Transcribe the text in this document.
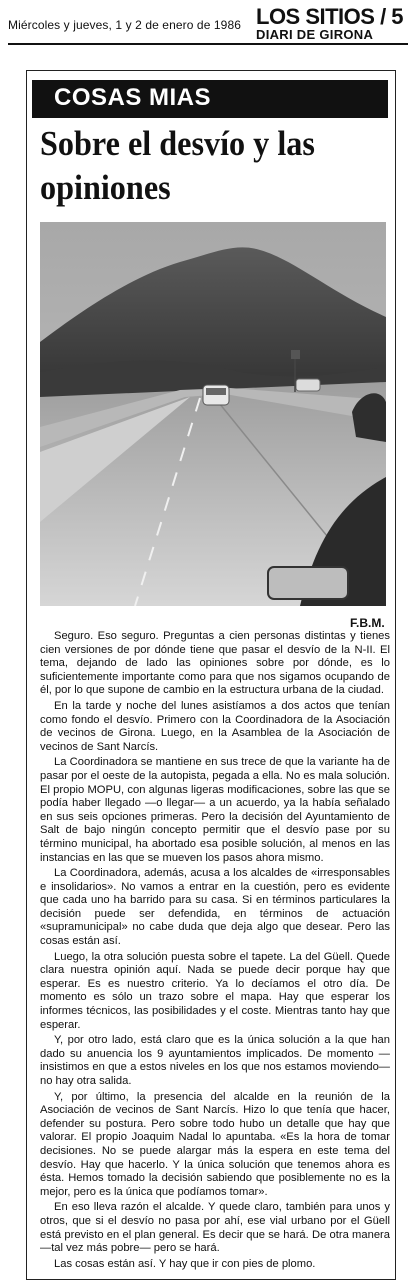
Miércoles y jueves, 1 y 2 de enero de 1986 LOS SITIOS / 5
DIARI DE GIRONA
COSAS MIAS
Sobre el desvío y las opiniones
F.B.M.

Seguro. Eso seguro. Preguntas a cien personas distintas y tienes cien versiones de por dónde tiene que pasar el desvío de la N-II. El tema, dejando de lado las opiniones sobre por dónde, es lo suficientemente importante como para que nos sigamos ocupando de él, por lo que supone de cambio en la estructura urbana de la ciudad.

En la tarde y noche del lunes asistíamos a dos actos que tenían como fondo el desvío. Primero con la Coordinadora de la Asociación de vecinos de Girona. Luego, en la Asamblea de la Asociación de vecinos de Sant Narcís.

La Coordinadora se mantiene en sus trece de que la variante ha de pasar por el oeste de la autopista, pegada a ella. No es mala solución. El propio MOPU, con algunas ligeras modificaciones, sobre las que se podía haber llegado —o llegar— a un acuerdo, ya la había señalado en sus seis opciones primeras. Pero la decisión del Ayuntamiento de Salt de bajo ningún concepto permitir que el desvío pase por su término municipal, ha abortado esa posible solución, al menos en las instancias en las que se mueven los pasos ahora mismo.

La Coordinadora, además, acusa a los alcaldes de «irresponsables e insolidarios». No vamos a entrar en la cuestión, pero es evidente que cada uno ha barrido para su casa. Si en términos particulares la decisión puede ser defendida, en términos de actuación «supramunicipal» no cabe duda que deja algo que desear. Pero las cosas están así.

Luego, la otra solución puesta sobre el tapete. La del Güell. Quede clara nuestra opinión aquí. Nada se puede decir porque hay que esperar. Es es nuestro criterio. Ya lo decíamos el otro día. De momento es sólo un trazo sobre el mapa. Hay que esperar los informes técnicos, las posibilidades y el coste. Mientras tanto hay que esperar.

Y, por otro lado, está claro que es la única solución a la que han dado su anuencia los 9 ayuntamientos implicados. De momento —insistimos en que a estos niveles en los que nos estamos moviendo— no hay otra salida.

Y, por último, la presencia del alcalde en la reunión de la Asociación de vecinos de Sant Narcís. Hizo lo que tenía que hacer, defender su postura. Pero sobre todo hubo un detalle que hay que valorar. El propio Joaquim Nadal lo apuntaba. «Es la hora de tomar decisiones. No se puede alargar más la espera en este tema del desvío. Hay que hacerlo. Y la única solución que tenemos ahora es ésta. Hemos tomado la decisión sabiendo que posiblemente no es la mejor, pero es la única que podíamos tomar».

En eso lleva razón el alcalde. Y quede claro, también para unos y otros, que si el desvío no pasa por ahí, ese vial urbano por el Güell está previsto en el plan general. Es decir que se hará. De otra manera —tal vez más pobre— pero se hará.

Las cosas están así. Y hay que ir con pies de plomo.
